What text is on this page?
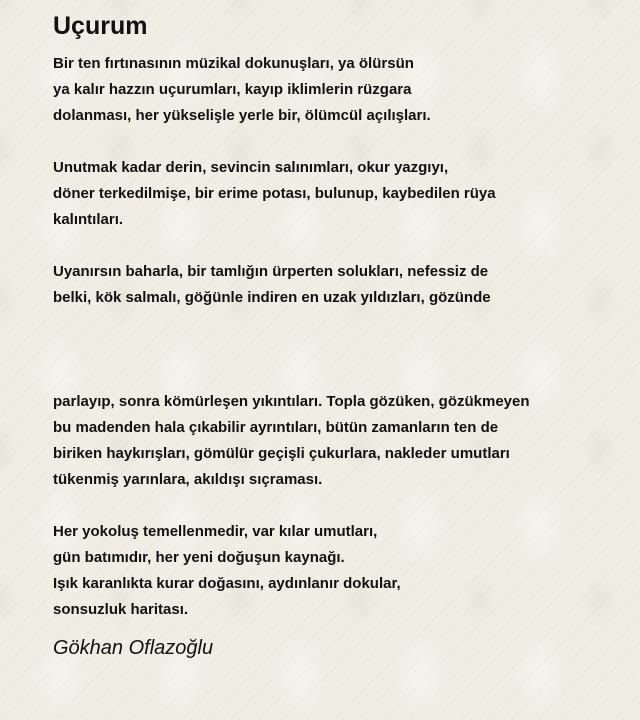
Uçurum
Bir ten fırtınasının müzikal dokunuşları, ya ölürsün
ya kalır hazzın uçurumları, kayıp iklimlerin rüzgara
dolanması, her yükselişle yerle bir, ölümcül açılışları.
Unutmak kadar derin, sevincin salınımları, okur yazgıyı,
döner terkedilmişe, bir erime potası, bulunup, kaybedilen rüya
kalıntıları.
Uyanırsın baharla, bir tamlığın ürperten solukları, nefessiz de
belki, kök salmalı, göğünle indiren en uzak yıldızları, gözünde
parlayıp, sonra kömürleşen yıkıntıları. Topla gözüken, gözükmeyen
bu madenden hala çıkabilir ayrıntıları, bütün zamanların ten de
biriken haykırışları, gömülür geçişli çukurlara, nakleder umutları
tükenmiş yarınlara, akıldışı sıçraması.
Her yokoluş temellenmedir, var kılar umutları,
gün batımıdır, her yeni doğuşun kaynağı.
Işık karanlıkta kurar doğasını, aydınlanır dokular,
sonsuzluk haritası.
Gökhan Oflazoğlu
